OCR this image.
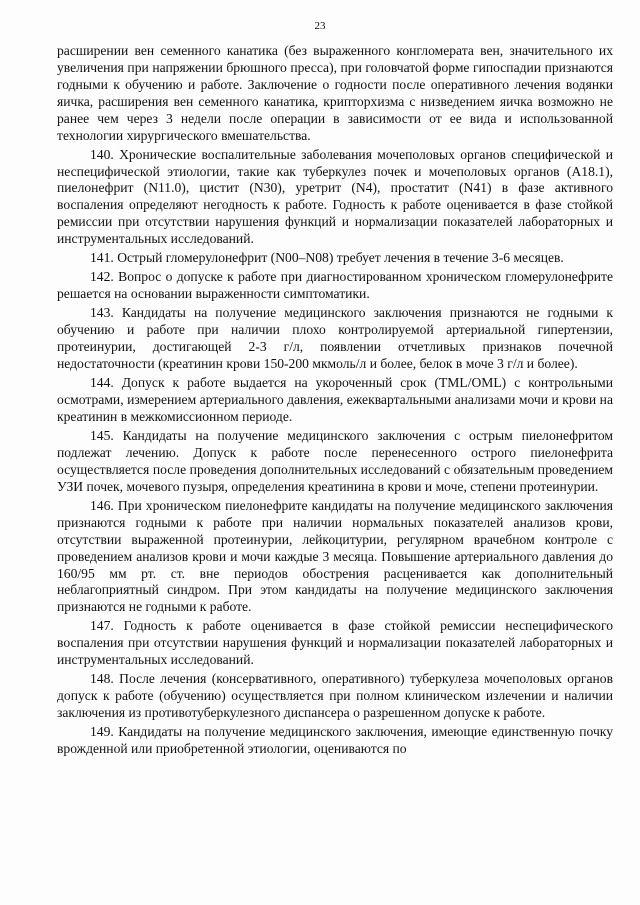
23

расширении вен семенного канатика (без выраженного конгломерата вен, значительного их увеличения при напряжении брюшного пресса), при головчатой форме гипоспадии признаются годными к обучению и работе. Заключение о годности после оперативного лечения водянки яичка, расширения вен семенного канатика, крипторхизма с низведением яичка возможно не ранее чем через 3 недели после операции в зависимости от ее вида и использованной технологии хирургического вмешательства.

140. Хронические воспалительные заболевания мочеполовых органов специфической и неспецифической этиологии, такие как туберкулез почек и мочеполовых органов (A18.1), пиелонефрит (N11.0), цистит (N30), уретрит (N4), простатит (N41) в фазе активного воспаления определяют негодность к работе. Годность к работе оценивается в фазе стойкой ремиссии при отсутствии нарушения функций и нормализации показателей лабораторных и инструментальных исследований.

141. Острый гломерулонефрит (N00–N08) требует лечения в течение 3-6 месяцев.

142. Вопрос о допуске к работе при диагностированном хроническом гломерулонефрите решается на основании выраженности симптоматики.

143. Кандидаты на получение медицинского заключения признаются не годными к обучению и работе при наличии плохо контролируемой артериальной гипертензии, протеинурии, достигающей 2-3 г/л, появлении отчетливых признаков почечной недостаточности (креатинин крови 150-200 мкмоль/л и более, белок в моче 3 г/л и более).

144. Допуск к работе выдается на укороченный срок (TML/OML) с контрольными осмотрами, измерением артериального давления, ежеквартальными анализами мочи и крови на креатинин в межкомиссионном периоде.

145. Кандидаты на получение медицинского заключения с острым пиелонефритом подлежат лечению. Допуск к работе после перенесенного острого пиелонефрита осуществляется после проведения дополнительных исследований с обязательным проведением УЗИ почек, мочевого пузыря, определения креатинина в крови и моче, степени протеинурии.

146. При хроническом пиелонефрите кандидаты на получение медицинского заключения признаются годными к работе при наличии нормальных показателей анализов крови, отсутствии выраженной протеинурии, лейкоцитурии, регулярном врачебном контроле с проведением анализов крови и мочи каждые 3 месяца. Повышение артериального давления до 160/95 мм рт. ст. вне периодов обострения расценивается как дополнительный неблагоприятный синдром. При этом кандидаты на получение медицинского заключения признаются не годными к работе.

147. Годность к работе оценивается в фазе стойкой ремиссии неспецифического воспаления при отсутствии нарушения функций и нормализации показателей лабораторных и инструментальных исследований.

148. После лечения (консервативного, оперативного) туберкулеза мочеполовых органов допуск к работе (обучению) осуществляется при полном клиническом излечении и наличии заключения из противотуберкулезного диспансера о разрешенном допуске к работе.

149. Кандидаты на получение медицинского заключения, имеющие единственную почку врожденной или приобретенной этиологии, оцениваются по
